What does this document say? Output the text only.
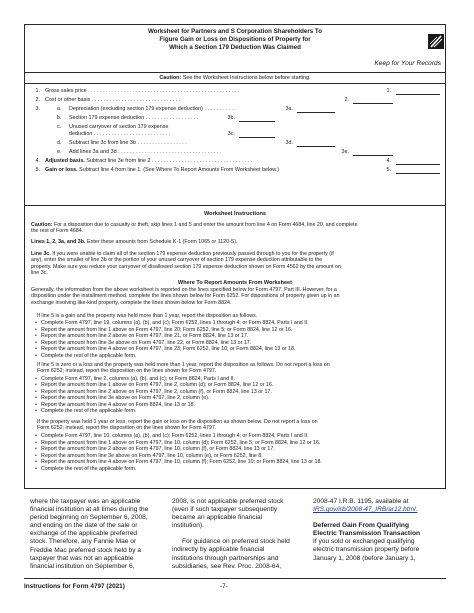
Worksheet for Partners and S Corporation Shareholders To
Figure Gain or Loss on Dispositions of Property for
Which a Section 179 Deduction Was Claimed
Keep for Your Records
Caution: See the Worksheet Instructions below before starting.
1. Gross sales price . . . . . . . . . . . . . . . . . . . . . . . . . . . . . . . . . . . . . . . . . . . . . . . . . . .	1.
2. Cost or other basis . . . . . . . . . . . . . . . . . . . . . . . . . . . . . .	2.
3.	a. Depreciation (excluding section 179 expense deduction) . . . . . . . . . . .	3a.
b. Section 179 expense deduction . . . . . . . . . . . . . . . . . .	3b.
c. Unused carryover of section 179 expense
deduction . . . . . . . . . . . . . . . . . . . . . . . . . .	3c.
d. Subtract line 3c from line 3b . . . . . . . . . . . . . . . . .	3d.
e. Add lines 3a and 3d . . . . . . . . . . . . . . . . . . . . . . . . . . . . . . . . . . .	3e.
4. Adjusted basis. Subtract line 3e from line 2 . . . . . . . . . . . . . . . . . . . . . . . . . . . . . . . . . .	4.
5. Gain or loss. Subtract line 4 from line 1. (See Where To Report Amounts From Worksheet below.)	5.
Worksheet Instructions
Caution: For a disposition due to casualty or theft, skip lines 1 and 5 and enter the amount from line 4 on Form 4684, line 20, and complete
the rest of Form 4684.
Lines 1, 2, 3a, and 3b. Enter these amounts from Schedule K-1 (Form 1065 or 1120-S).
Line 3c. If you were unable to claim all of the section 179 expense deduction previously passed through to you for the property (if
any), enter the smaller of line 3b or the portion of your unused carryover of section 179 expense deduction attributable to the
property. Make sure you reduce your carryover of disallowed section 179 expense deduction shown on Form 4562 by the amount on
line 3c.
Where To Report Amounts From Worksheet
Generally, the information from the above worksheet is reported on the lines specified below for Form 4797, Part III. However, for a
disposition under the installment method, complete the lines shown below for Form 6252. For dispositions of property given up in an
exchange involving like-kind property, complete the lines shown below for Form 8824.
If line 5 is a gain and the property was held more than 1 year, report the disposition as follows.
• Complete Form 4797, line 19, columns (a), (b), and (c); Form 6252, lines 1 through 4; or Form 8824, Parts I and II.
• Report the amount from line 1 above on Form 4797, line 20; Form 6252, line 5; or Form 8824, line 12 or 16.
• Report the amount from line 2 above on Form 4797, line 21, or Form 8824, line 13 or 17.
• Report the amount from line 3e above on Form 4797, line 22, or Form 8824, line 13 or 17.
• Report the amount from line 4 above on Form 4797, line 23; Form 6252, line 10; or Form 8824, line 13 or 18.
• Complete the rest of the applicable form.
If line 5 is zero or a loss and the property was held more than 1 year, report the disposition as follows. Do not report a loss on
Form 6252; instead, report the disposition on the lines shown for Form 4797.
• Complete Form 4797, line 2, columns (a), (b), and (c); or Form 8824, Parts I and II.
• Report the amount from line 1 above on Form 4797, line 2, column (d); or Form 8824, line 12 or 16.
• Report the amount from line 2 above on Form 4797, line 2, column (f), or Form 8824, line 13 or 17.
• Report the amount from line 3e above on Form 4797, line 2, column (e).
• Report the amount from line 4 above on Form 8824, line 13 or 18.
• Complete the rest of the applicable form.
If the property was held 1 year or less, report the gain or loss on the disposition as shown below. Do not report a loss on
Form 6252; instead, report the disposition on the lines shown for Form 4797.
• Complete Form 4797, line 10, columns (a), (b), and (c); Form 6252, lines 1 through 4; or Form 8824, Parts I and II.
• Report the amount from line 1 above on Form 4797, line 10, column (d); Form 6252, line 5; or Form 8824, line 12 or 16.
• Report the amount from line 2 above on Form 4797, line 10, column (f), or Form 8824, line 13 or 17.
• Report the amount from line 3e above on Form 4797, line 10, column (e), or Form 6252, line 8.
• Report the amount from line 4 above on Form 4797, line 10, column (f); Form 6252, line 10; or Form 8824, line 13 or 18.
• Complete the rest of the applicable form.
where the taxpayer was an applicable
financial institution at all times during the
period beginning on September 6, 2008,
and ending on the date of the sale or
exchange of the applicable preferred
stock. Therefore, any Fannie Mae or
Freddie Mac preferred stock held by a
taxpayer that was not an applicable
financial institution on September 6,
2008, is not applicable preferred stock
(even if such taxpayer subsequently
became an applicable financial
institution).
For guidance on preferred stock held
indirectly by applicable financial
institutions through partnerships and
subsidiaries, see Rev. Proc. 2008-64,
2008-47 I.R.B. 1195, available at
IRS.gov/irb/2008-47_IRB/ar12.html.
Deferred Gain From Qualifying
Electric Transmission Transaction
If you sold or exchanged qualifying
electric transmission property before
January 1, 2008 (before January 1,
Instructions for Form 4797 (2021)	-7-
